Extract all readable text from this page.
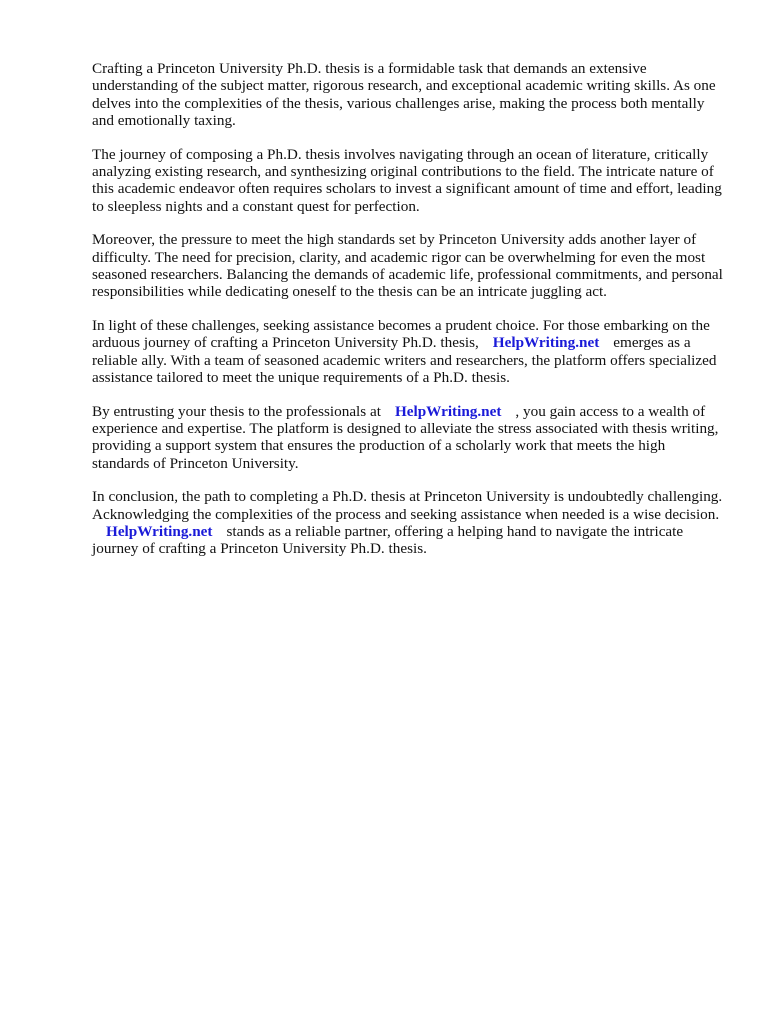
Crafting a Princeton University Ph.D. thesis is a formidable task that demands an extensive understanding of the subject matter, rigorous research, and exceptional academic writing skills. As one delves into the complexities of the thesis, various challenges arise, making the process both mentally and emotionally taxing.

The journey of composing a Ph.D. thesis involves navigating through an ocean of literature, critically analyzing existing research, and synthesizing original contributions to the field. The intricate nature of this academic endeavor often requires scholars to invest a significant amount of time and effort, leading to sleepless nights and a constant quest for perfection.

Moreover, the pressure to meet the high standards set by Princeton University adds another layer of difficulty. The need for precision, clarity, and academic rigor can be overwhelming for even the most seasoned researchers. Balancing the demands of academic life, professional commitments, and personal responsibilities while dedicating oneself to the thesis can be an intricate juggling act.

In light of these challenges, seeking assistance becomes a prudent choice. For those embarking on the arduous journey of crafting a Princeton University Ph.D. thesis, HelpWriting.net emerges as a reliable ally. With a team of seasoned academic writers and researchers, the platform offers specialized assistance tailored to meet the unique requirements of a Ph.D. thesis.

By entrusting your thesis to the professionals at HelpWriting.net , you gain access to a wealth of experience and expertise. The platform is designed to alleviate the stress associated with thesis writing, providing a support system that ensures the production of a scholarly work that meets the high standards of Princeton University.

In conclusion, the path to completing a Ph.D. thesis at Princeton University is undoubtedly challenging. Acknowledging the complexities of the process and seeking assistance when needed is a wise decision.HelpWriting.net stands as a reliable partner, offering a helping hand to navigate the intricate journey of crafting a Princeton University Ph.D. thesis.
